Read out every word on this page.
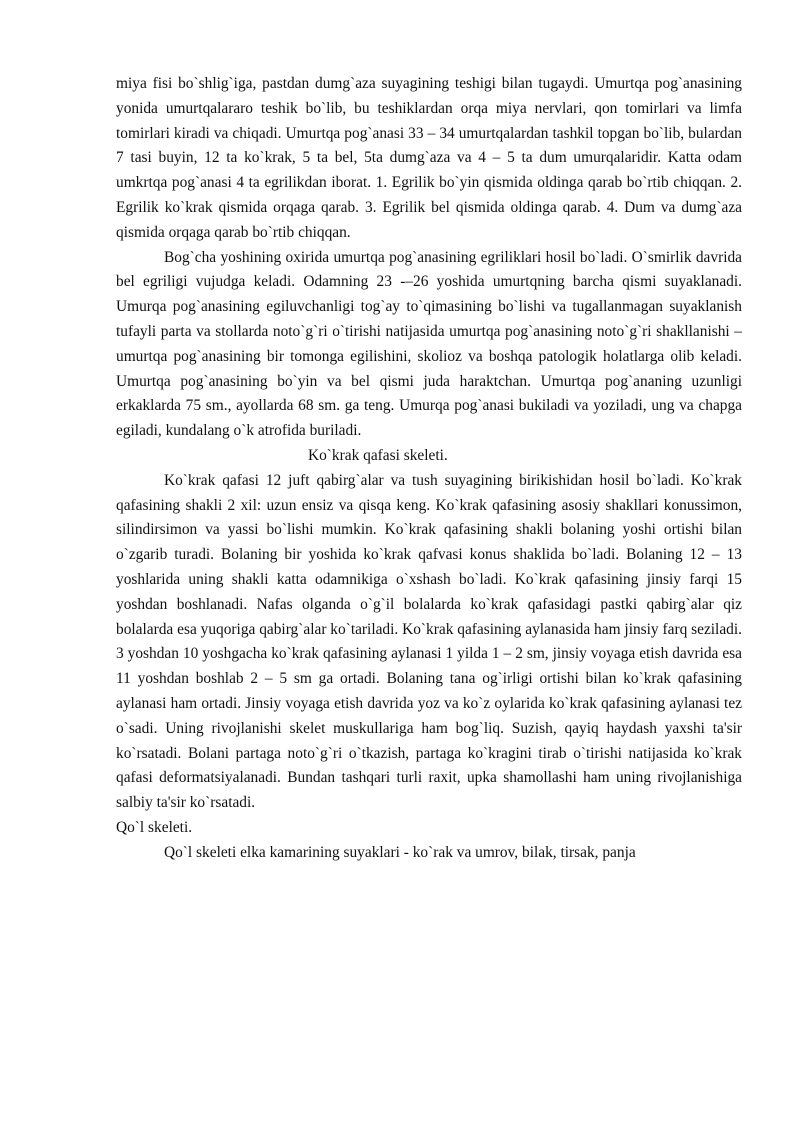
miya fisi bo`shlig`iga, pastdan dumg`aza suyagining teshigi bilan tugaydi. Umurtqa pog`anasining yonida umurtqalararo teshik bo`lib, bu teshiklardan orqa miya nervlari, qon tomirlari va limfa tomirlari kiradi va chiqadi. Umurtqa pog`anasi 33 – 34 umurtqalardan tashkil topgan bo`lib, bulardan 7 tasi buyin, 12 ta ko`krak, 5 ta bel, 5ta dumg`aza va 4 – 5 ta dum umurqalaridir. Katta odam umkrtqa pog`anasi 4 ta egrilikdan iborat. 1. Egrilik bo`yin qismida oldinga qarab bo`rtib chiqqan. 2. Egrilik ko`krak qismida orqaga qarab. 3. Egrilik bel qismida oldinga qarab. 4. Dum va dumg`aza qismida orqaga qarab bo`rtib chiqqan.

Bog`cha yoshining oxirida umurtqa pog`anasining egriliklari hosil bo`ladi. O`smirlik davrida bel egriligi vujudga keladi. Odamning 23 -–26 yoshida umurtqning barcha qismi suyaklanadi. Umurqa pog`anasining egiluvchanligi tog`ay to`qimasining bo`lishi va tugallanmagan suyaklanish tufayli parta va stollarda noto`g`ri o`tirishi natijasida umurtqa pog`anasining noto`g`ri shakllanishi – umurtqa pog`anasining bir tomonga egilishini, skolioz va boshqa patologik holatlarga olib keladi. Umurtqa pog`anasining bo`yin va bel qismi juda haraktchan. Umurtqa pog`ananing uzunligi erkaklarda 75 sm., ayollarda 68 sm. ga teng. Umurqa pog`anasi bukiladi va yoziladi, ung va chapga egiladi, kundalang o`k atrofida buriladi.

Ko`krak qafasi skeleti.

Ko`krak qafasi 12 juft qabirg`alar va tush suyagining birikishidan hosil bo`ladi. Ko`krak qafasining shakli 2 xil: uzun ensiz va qisqa keng. Ko`krak qafasining asosiy shakllari konussimon, silindirsimon va yassi bo`lishi mumkin. Ko`krak qafasining shakli bolaning yoshi ortishi bilan o`zgarib turadi. Bolaning bir yoshida ko`krak qafvasi konus shaklida bo`ladi. Bolaning 12 – 13 yoshlarida uning shakli katta odamnikiga o`xshash bo`ladi. Ko`krak qafasining jinsiy farqi 15 yoshdan boshlanadi. Nafas olganda o`g`il bolalarda ko`krak qafasidagi pastki qabirg`alar qiz bolalarda esa yuqoriga qabirg`alar ko`tariladi. Ko`krak qafasining aylanasida ham jinsiy farq seziladi. 3 yoshdan 10 yoshgacha ko`krak qafasining aylanasi 1 yilda 1 – 2 sm, jinsiy voyaga etish davrida esa 11 yoshdan boshlab 2 – 5 sm ga ortadi. Bolaning tana og`irligi ortishi bilan ko`krak qafasining aylanasi ham ortadi. Jinsiy voyaga etish davrida yoz va ko`z oylarida ko`krak qafasining aylanasi tez o`sadi. Uning rivojlanishi skelet muskullariga ham bog`liq. Suzish, qayiq haydash yaxshi ta'sir ko`rsatadi. Bolani partaga noto`g`ri o`tkazish, partaga ko`kragini tirab o`tirishi natijasida ko`krak qafasi deformatsiyalanadi. Bundan tashqari turli raxit, upka shamollashi ham uning rivojlanishiga salbiy ta'sir ko`rsatadi.

Qo`l skeleti.

Qo`l skeleti elka kamarining suyaklari - ko`rak va umrov, bilak, tirsak, panja
